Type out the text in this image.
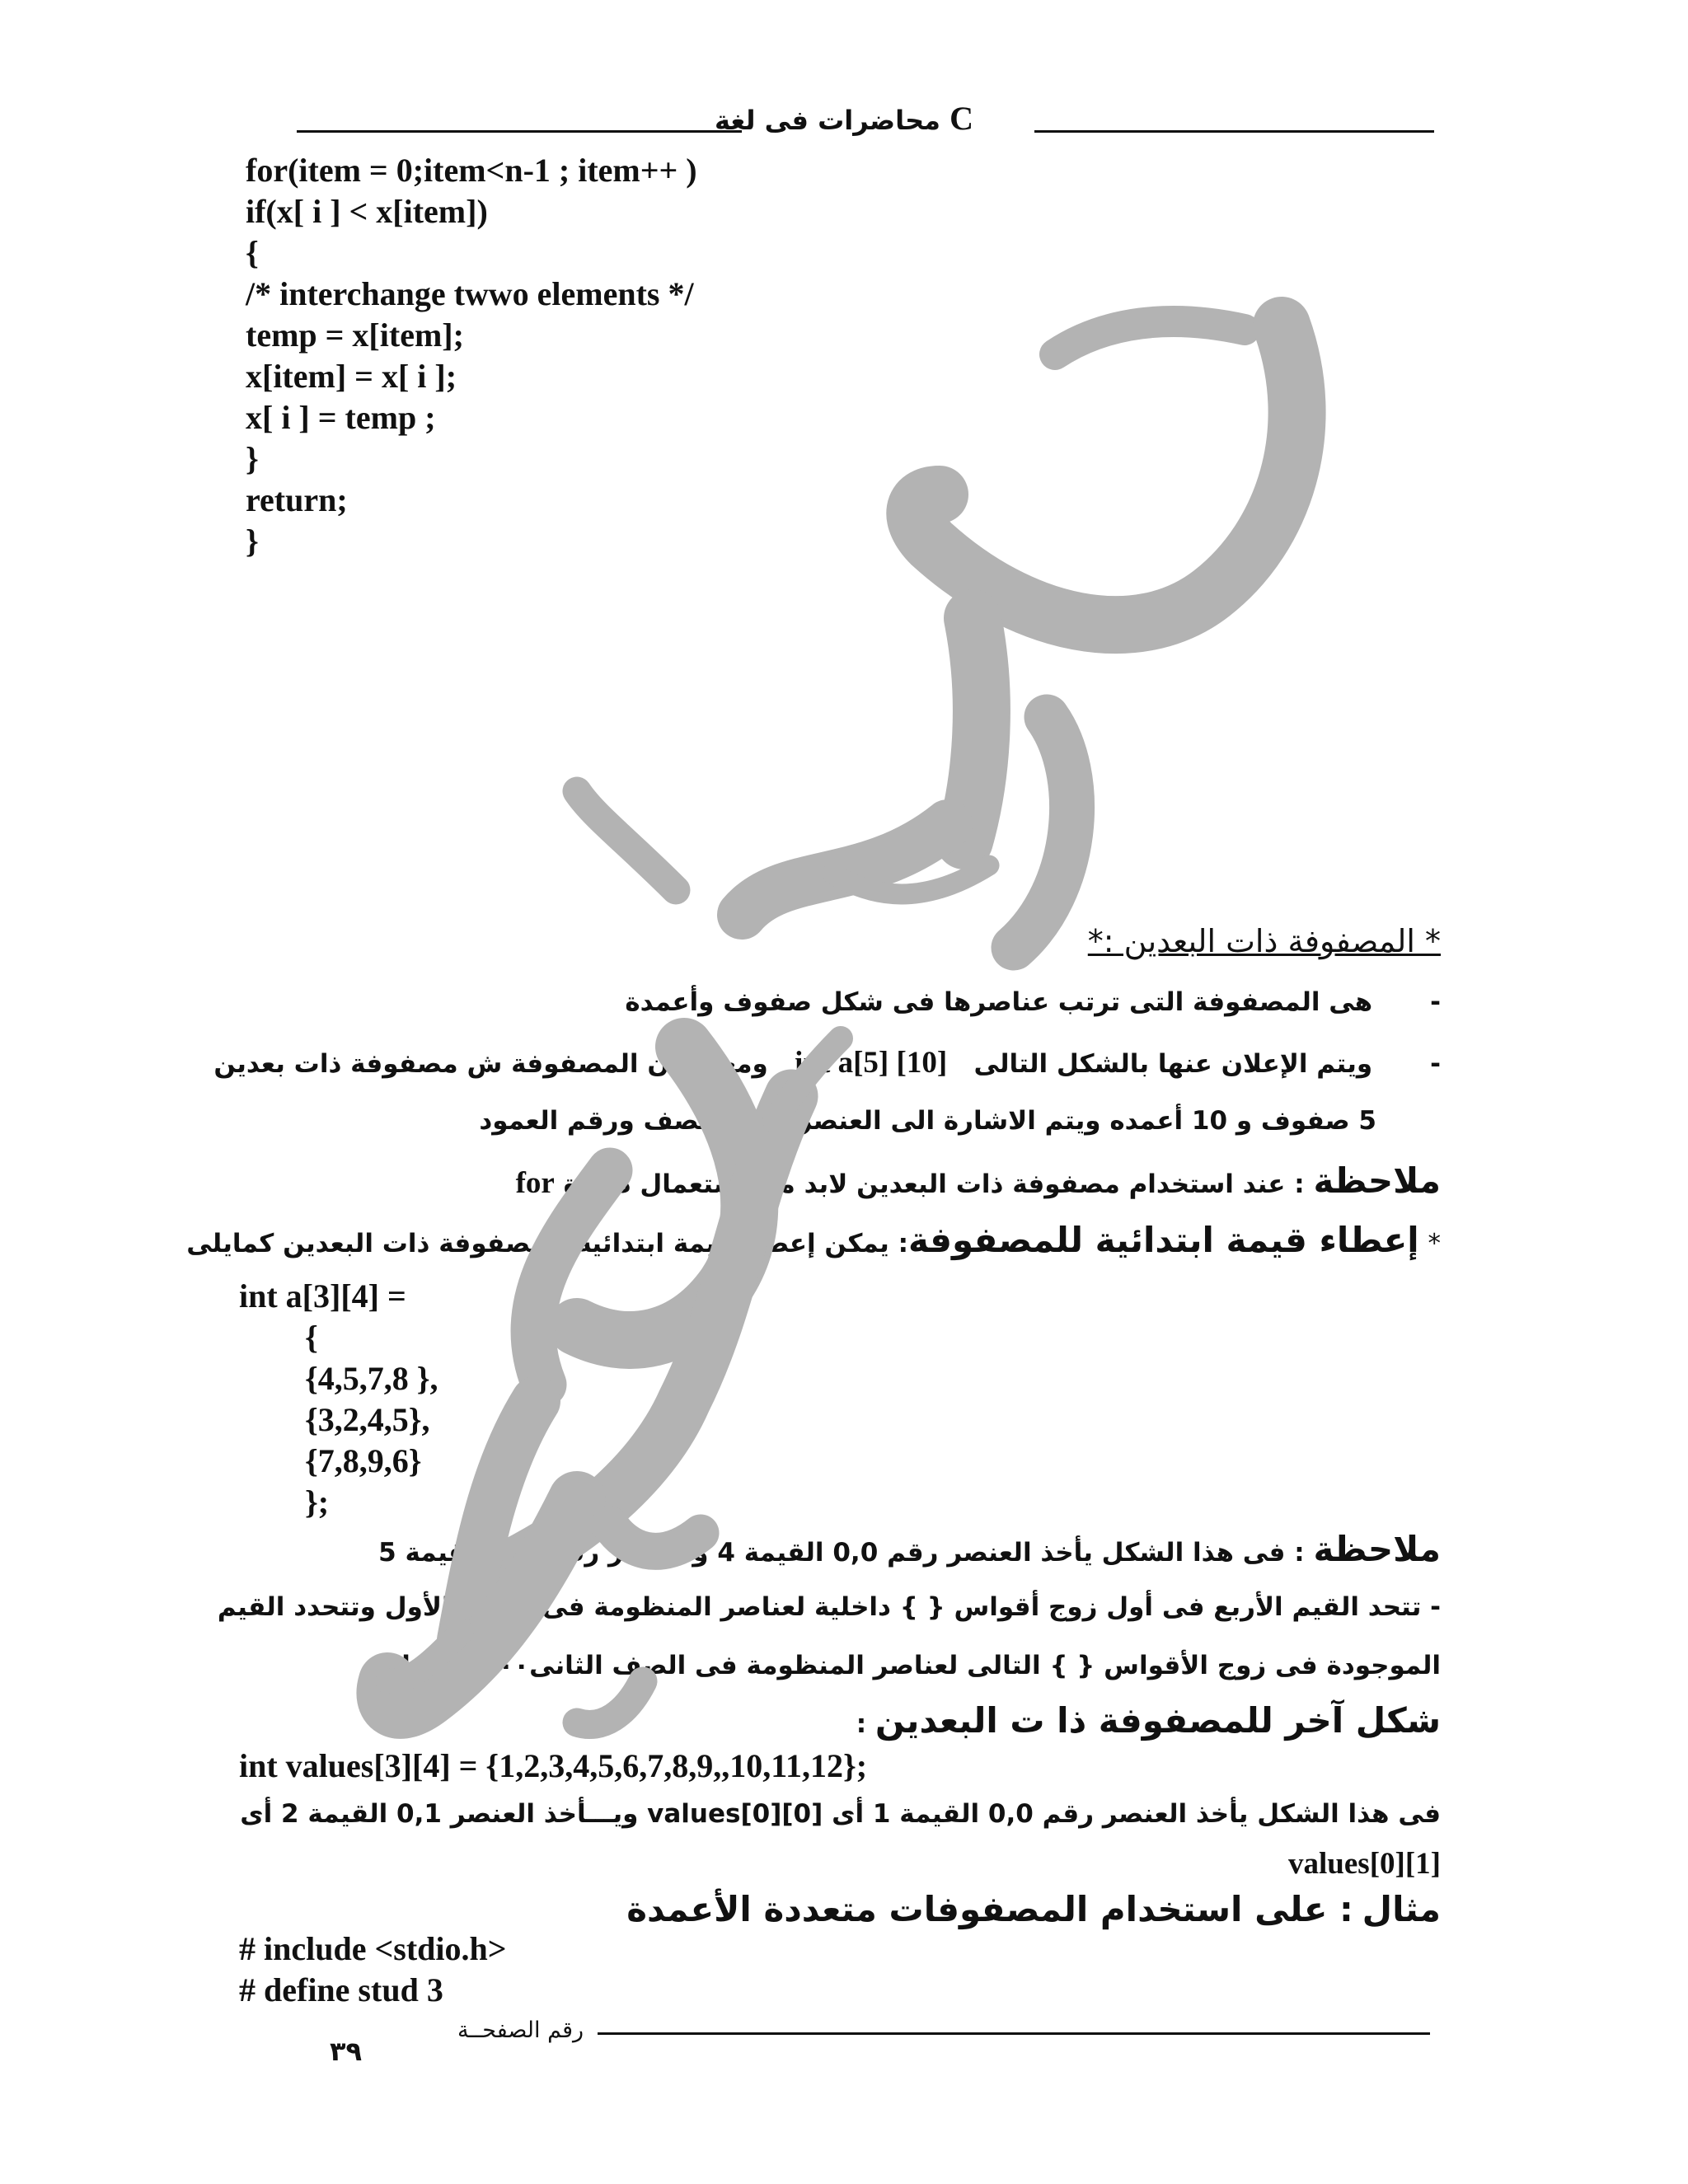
محاضرات فى لغة C
for(item = 0;item<n-1 ; item++ )
if(x[ i ] < x[item])
{
/* interchange twwo elements */
temp = x[item];
x[item] = x[ i ];
x[ i ] = temp ;
}
return;
}
* المصفوفة ذات البعدين :*
-هى المصفوفة التى ترتب عناصرها فى شكل صفوف وأعمدة
-ويتم الإعلان عنها بالشكل التالى   int a[5] [10]   ومعناه أن المصفوفة ش مصفوفة ذات بعدين
5 صفوف و 10 أعمده ويتم الاشارة الى العنصر برقم الصف ورقم العمود
ملاحظة : عند استخدام مصفوفة ذات البعدين لابد من استعمال دوارة for
* إعطاء قيمة ابتدائية للمصفوفة: يمكن إعطاء قيمة ابتدائية للمصفوفة ذات البعدين كمايلى
int a[3][4] =
{
{4,5,7,8 },
{3,2,4,5},
{7,8,9,6}
};
ملاحظة : فى هذا الشكل يأخذ العنصر رقم 0,0 القيمة 4 والعنصر رقم 0,1 القيمة 5
- تتحد القيم الأربع فى أول زوج أقواس { } داخلية لعناصر المنظومة فى الصف الأول وتتحدد القيم
الموجودة فى زوج الأقواس { } التالى لعناصر المنظومة فى الصف الثانى٠٠٠ وهكذا
شكل آخر للمصفوفة ذا ت البعدين :
int values[3][4] = {1,2,3,4,5,6,7,8,9,,10,11,12};
فى هذا الشكل يأخذ العنصر رقم 0,0 القيمة 1 أى values[0][0] ويـــأخذ العنصر 0,1 القيمة 2 أى
values[0][1]
مثال : على استخدام المصفوفات متعددة الأعمدة
# include <stdio.h>
# define stud 3
رقم الصفحــة
٣٩
